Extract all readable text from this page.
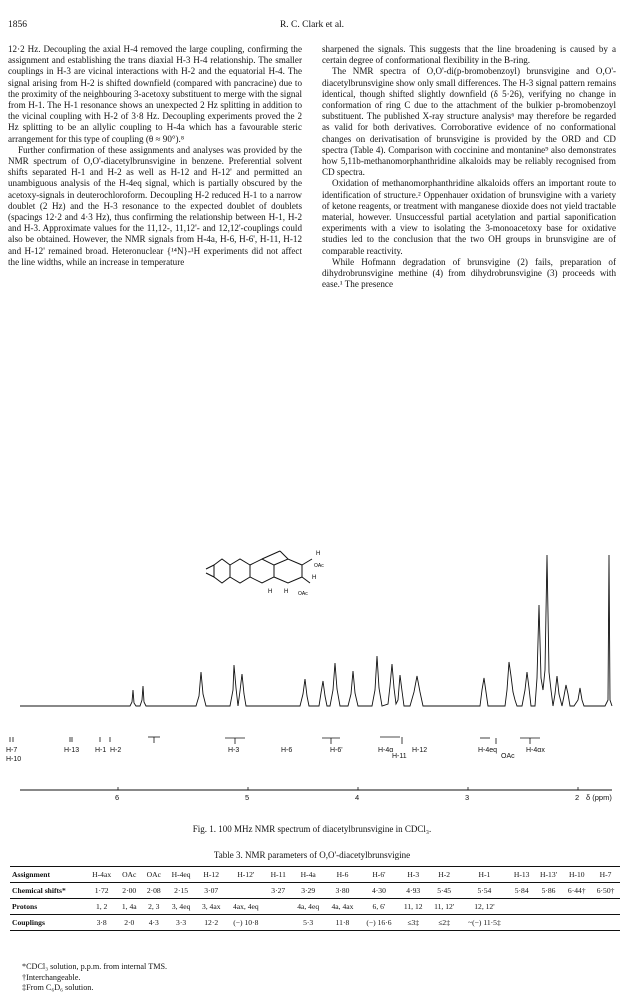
1856	R. C. Clark et al.

12·2 Hz. Decoupling the axial H-4 removed the large coupling, confirming the assignment and establishing the trans diaxial H-3 H-4 relationship. The smaller couplings in H-3 are vicinal interactions with H-2 and the equatorial H-4. The signal arising from H-2 is shifted downfield (compared with pancracine) due to the proximity of the neighbouring 3-acetoxy substituent to merge with the signal from H-1. The H-1 resonance shows an unexpected 2 Hz splitting in addition to the vicinal coupling with H-2 of 3·8 Hz. Decoupling experiments proved the 2 Hz splitting to be an allylic coupling to H-4a which has a favourable steric arrangement for this type of coupling (θ ≈ 90°).⁸

Further confirmation of these assignments and analyses was provided by the NMR spectrum of O,O'-diacetylbrunsvigine in benzene. Preferential solvent shifts separated H-1 and H-2 as well as H-12 and H-12' and permitted an unambiguous analysis of the H-4eq signal, which is partially obscured by the acetoxy-signals in deuterochloroform. Decoupling H-2 reduced H-1 to a narrow doublet (2 Hz) and the H-3 resonance to the expected doublet of doublets (spacings 12·2 and 4·3 Hz), thus confirming the relationship between H-1, H-2 and H-3. Approximate values for the 11,12-, 11,12'- and 12,12'-couplings could also be obtained. However, the NMR signals from H-4a, H-6, H-6', H-11, H-12 and H-12' remained broad. Heteronuclear {¹⁴N}-¹H experiments did not affect the line widths, while an increase in temperature

sharpened the signals. This suggests that the line broadening is caused by a certain degree of conformational flexibility in the B-ring.

The NMR spectra of O,O'-di(p-bromobenzoyl) brunsvigine and O,O'-diacetylbrunsvigine show only small differences. The H-3 signal pattern remains identical, though shifted slightly downfield (δ 5·26), verifying no change in conformation of ring C due to the attachment of the bulkier p-bromobenzoyl substituent. The published X-ray structure analysis⁶ may therefore be regarded as valid for both derivatives. Corroborative evidence of no conformational changes on derivatisation of brunsvigine is provided by the ORD and CD spectra (Table 4). Comparison with coccinine and montanine⁹ also demonstrates how 5,11b-methanomorphanthridine alkaloids may be reliably recognised from CD spectra.

Oxidation of methanomorphanthridine alkaloids offers an important route to identification of structure.² Oppenhauer oxidation of brunsvigine with a variety of ketone reagents, or treatment with manganese dioxide does not yield tractable material, however. Unsuccessful partial acetylation and partial saponification experiments with a view to isolating the 3-monoacetoxy base for oxidative studies led to the conclusion that the two OH groups in brunsvigine are of comparable reactivity.

While Hofmann degradation of brunsvigine (2) fails, preparation of dihydrobrunsvigine methine (4) from dihydrobrunsvigine (3) proceeds with ease.¹ The presence

H
OAc
H
H H OAc
H-7
H-10
H-13 H-1 H-2	H-3	H-6	H-6'	H-4α
H-11
H-12	H-4eq
OAc
H-4αx
6	5	4	3	2 δ (ppm)
Fig. 1. 100 MHz NMR spectrum of diacetylbrunsvigine in CDCl₃.
Table 3. NMR parameters of O,O'-diacetylbrunsvigine
Assignment	H-4ax	OAc	OAc	H-4eq	H-12	H-12'	H-11	H-4a	H-6	H-6'	H-3	H-2	H-1	H-13	H-13'	H-10	H-7
Chemical shifts*	1·72	2·00	2·08	2·15	3·07		3·27	3·29	3·80	4·30	4·93	5·45	5·54	5·84	5·86	6·44†	6·50†
Protons	1, 2	1, 4a	2, 3	3, 4eq	3, 4ax	4ax, 4eq		4a, 4eq	4a, 4ax	6, 6'	11, 12	11, 12'	12, 12'				
Couplings	3·8	2·0	4·3	3·3	12·2	(−) 10·8		5·3	11·8	(−) 16·6	≤3‡	≤2‡	~(−) 11·5‡				
*CDCl₃ solution, p.p.m. from internal TMS.
†Interchangeable.
‡From C₆D₆ solution.
